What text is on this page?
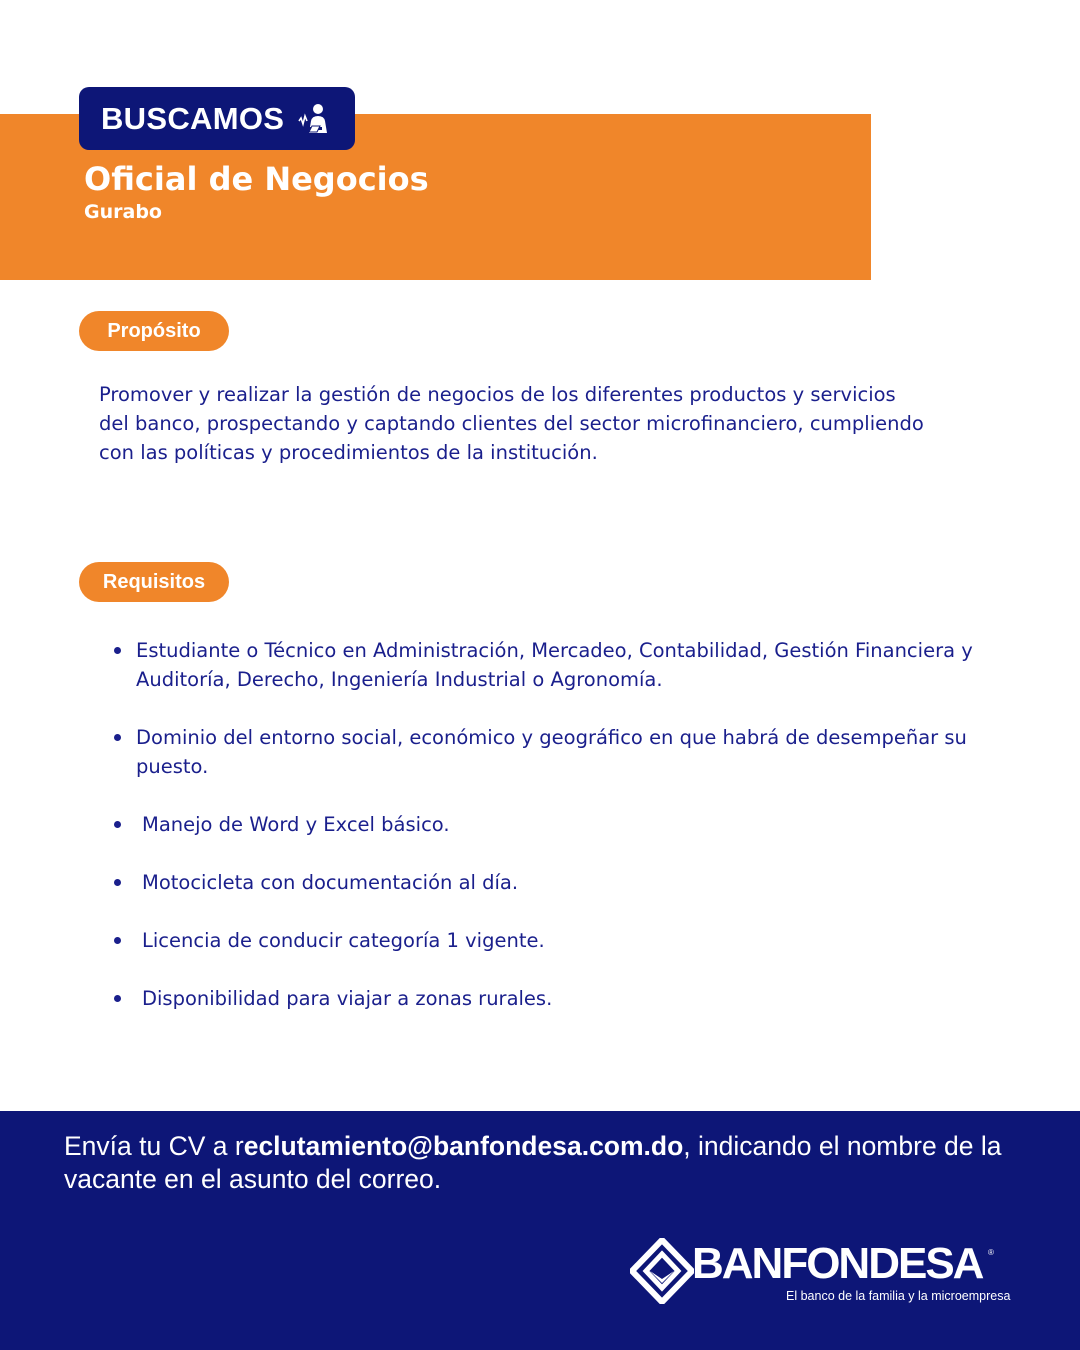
BUSCAMOS
Oficial de Negocios
Gurabo
Propósito

Promover y realizar la gestión de negocios de los diferentes productos y servicios del banco, prospectando y captando clientes del sector microfinanciero, cumpliendo con las políticas y procedimientos de la institución.

Requisitos
Estudiante o Técnico en Administración, Mercadeo, Contabilidad, Gestión Financiera y Auditoría, Derecho, Ingeniería Industrial o Agronomía.
Dominio del entorno social, económico y geográfico en que habrá de desempeñar su puesto.
Manejo de Word y Excel básico.
Motocicleta con documentación al día.
Licencia de conducir categoría 1 vigente.
Disponibilidad para viajar a zonas rurales.

Envía tu CV a reclutamiento@banfondesa.com.do, indicando el nombre de la vacante en el asunto del correo.

BANFONDESA ®
El banco de la familia y la microempresa
